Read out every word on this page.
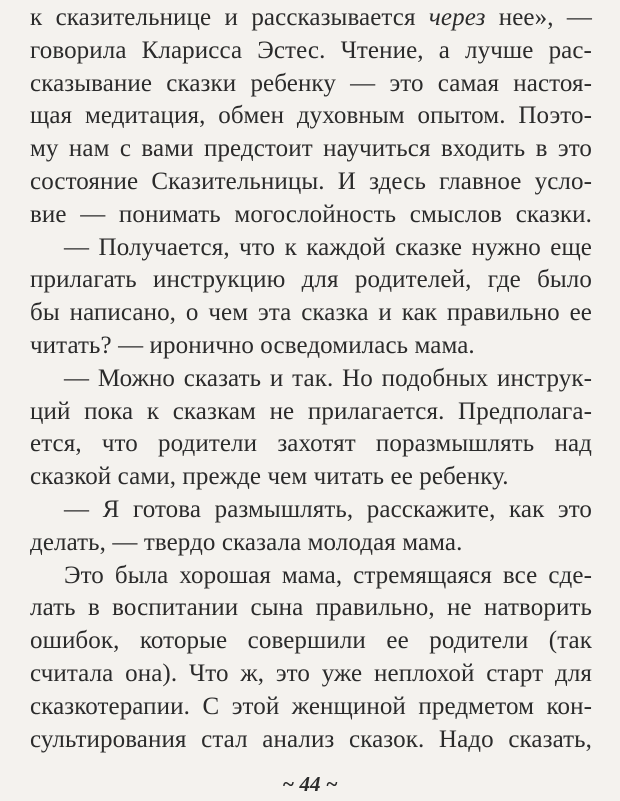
к сказительнице и рассказывается через нее», —
говорила Кларисса Эстес. Чтение, а лучше рас-
сказывание сказки ребенку — это самая настоя-
щая медитация, обмен духовным опытом. Поэто-
му нам с вами предстоит научиться входить в это
состояние Сказительницы. И здесь главное усло-
вие — понимать могослойность смыслов сказки.
— Получается, что к каждой сказке нужно еще
прилагать инструкцию для родителей, где было
бы написано, о чем эта сказка и как правильно ее
читать? — иронично осведомилась мама.
— Можно сказать и так. Но подобных инструк-
ций пока к сказкам не прилагается. Предполага-
ется, что родители захотят поразмышлять над
сказкой сами, прежде чем читать ее ребенку.
— Я готова размышлять, расскажите, как это
делать, — твердо сказала молодая мама.
Это была хорошая мама, стремящаяся все сде-
лать в воспитании сына правильно, не натворить
ошибок, которые совершили ее родители (так
считала она). Что ж, это уже неплохой старт для
сказкотерапии. С этой женщиной предметом кон-
сультирования стал анализ сказок. Надо сказать,
~ 44 ~
